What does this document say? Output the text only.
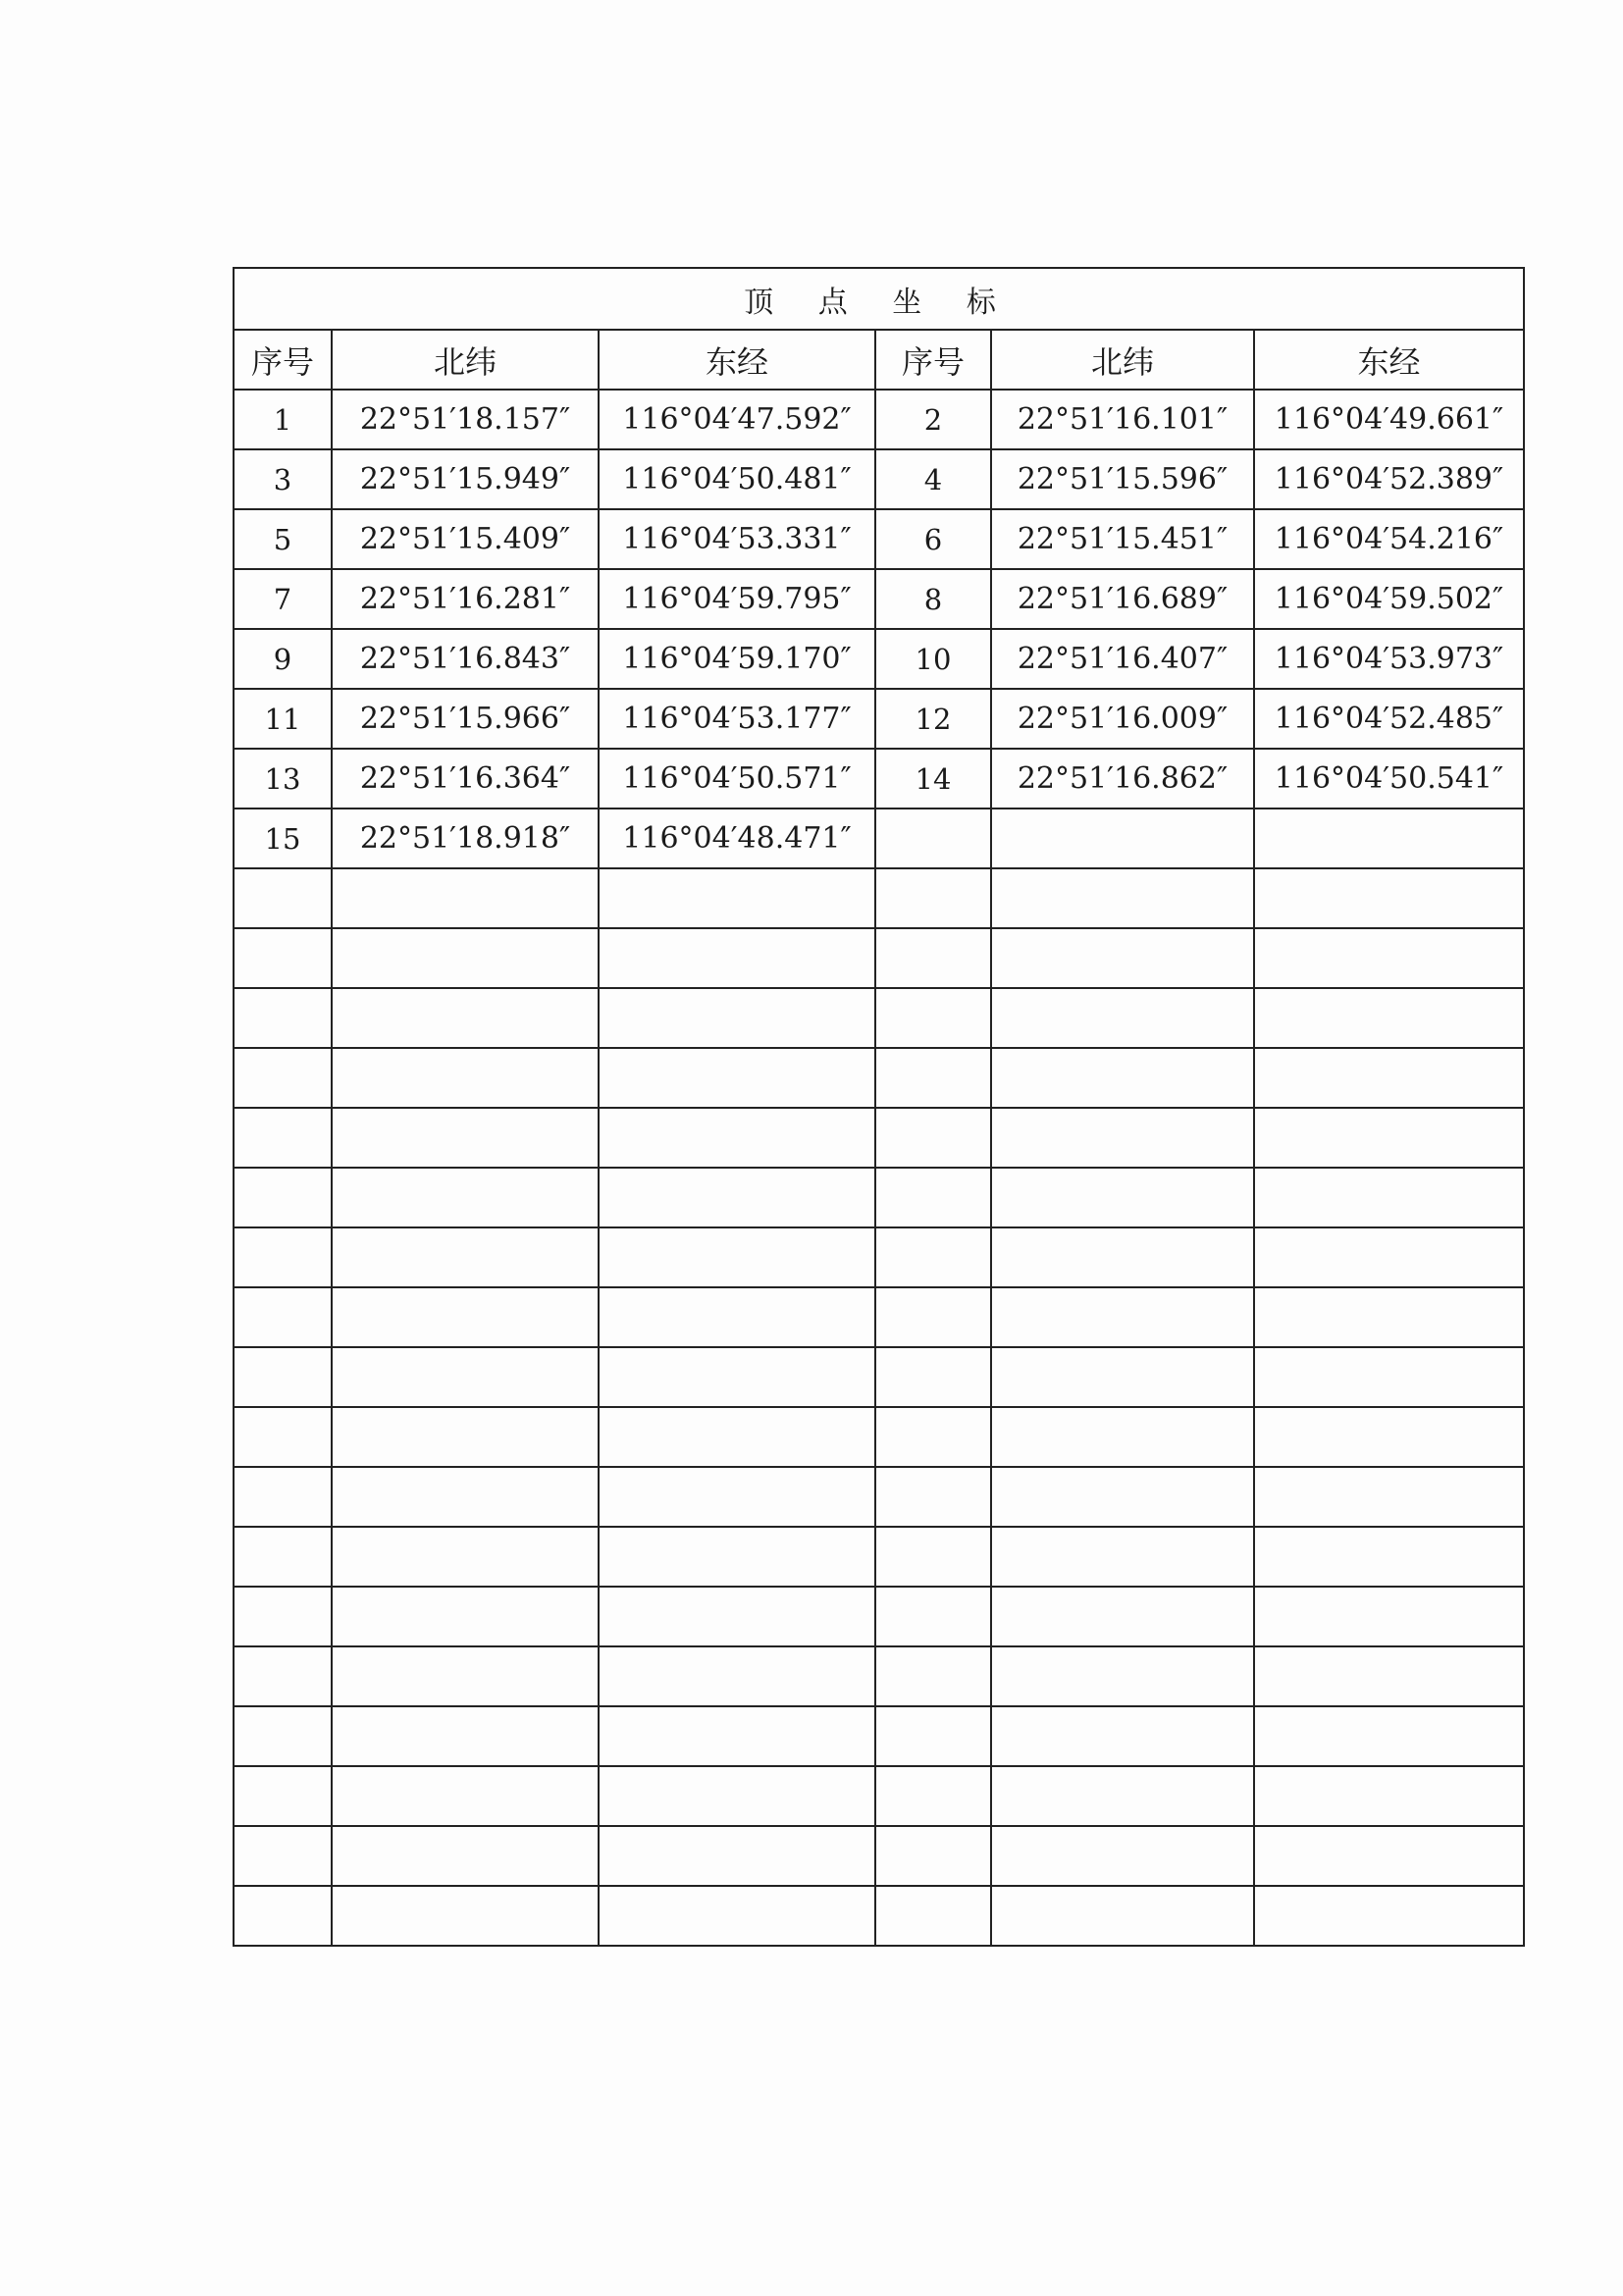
顶 点 坐 标					
序号	北纬	东经	序号	北纬	东经
1	22°51′18.157″	116°04′47.592″	2	22°51′16.101″	116°04′49.661″
3	22°51′15.949″	116°04′50.481″	4	22°51′15.596″	116°04′52.389″
5	22°51′15.409″	116°04′53.331″	6	22°51′15.451″	116°04′54.216″
7	22°51′16.281″	116°04′59.795″	8	22°51′16.689″	116°04′59.502″
9	22°51′16.843″	116°04′59.170″	10	22°51′16.407″	116°04′53.973″
11	22°51′15.966″	116°04′53.177″	12	22°51′16.009″	116°04′52.485″
13	22°51′16.364″	116°04′50.571″	14	22°51′16.862″	116°04′50.541″
15	22°51′18.918″	116°04′48.471″			
